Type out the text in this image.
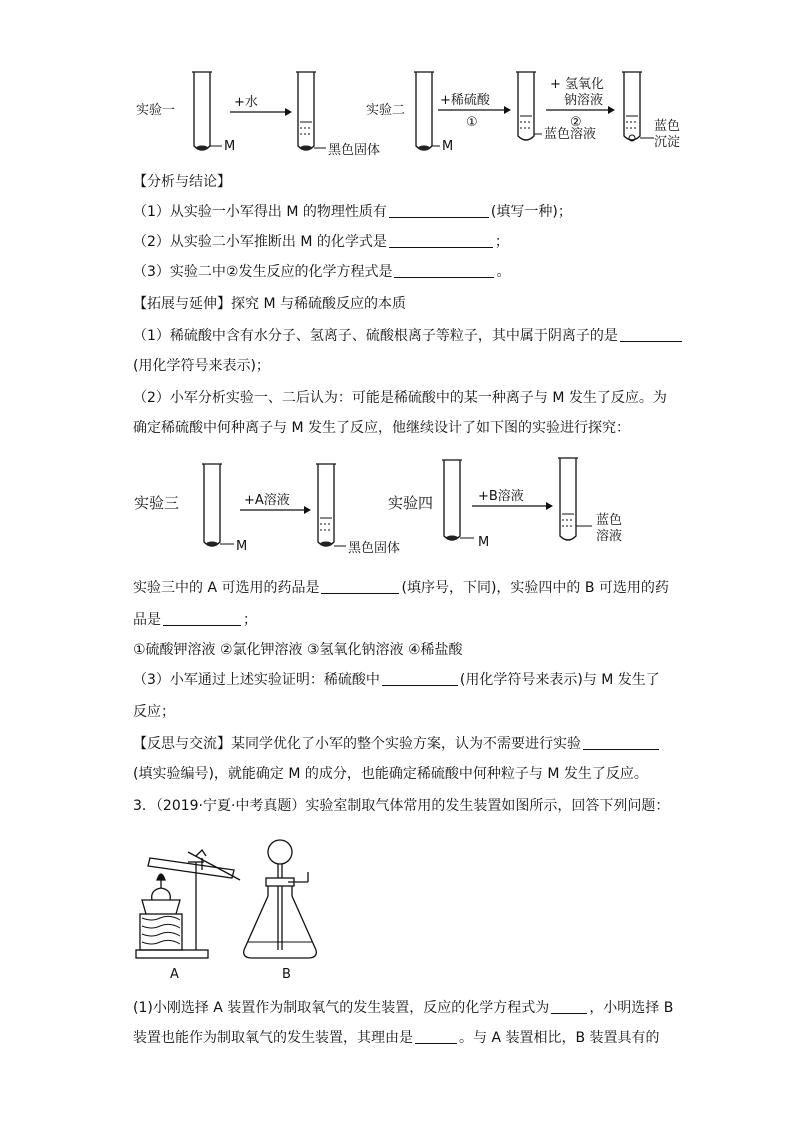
实验一
M
+水
黑色固体
实验二
M
+稀硫酸
①
蓝色溶液
+ 氢氧化
钠溶液
②	蓝色
沉淀
【分析与结论】
（1）从实验一小军得出 M 的物理性质有	(填写一种)；
（2）从实验二小军推断出 M 的化学式是	；
（3）实验二中②发生反应的化学方程式是	。
【拓展与延伸】探究 M 与稀硫酸反应的本质
（1）稀硫酸中含有水分子、氢离子、硫酸根离子等粒子，其中属于阴离子的是
(用化学符号来表示)；
（2）小军分析实验一、二后认为：可能是稀硫酸中的某一种离子与 M 发生了反应。为
确定稀硫酸中何种离子与 M 发生了反应，他继续设计了如下图的实验进行探究：
实验三
M
+A溶液
黑色固体
实验四
M
+B溶液
蓝色
溶液
实验三中的 A 可选用的药品是	(填序号，下同)，实验四中的 B 可选用的药
品是	；
①硫酸钾溶液 ②氯化钾溶液 ③氢氧化钠溶液 ④稀盐酸
（3）小军通过上述实验证明：稀硫酸中	(用化学符号来表示)与 M 发生了
反应；
【反思与交流】某同学优化了小军的整个实验方案，认为不需要进行实验
(填实验编号)，就能确定 M 的成分，也能确定稀硫酸中何种粒子与 M 发生了反应。
3．（2019·宁夏·中考真题）实验室制取气体常用的发生装置如图所示，回答下列问题：
A	B
(1)小刚选择 A 装置作为制取氧气的发生装置，反应的化学方程式为	，小明选择 B
装置也能作为制取氧气的发生装置，其理由是	。与 A 装置相比，B 装置具有的
